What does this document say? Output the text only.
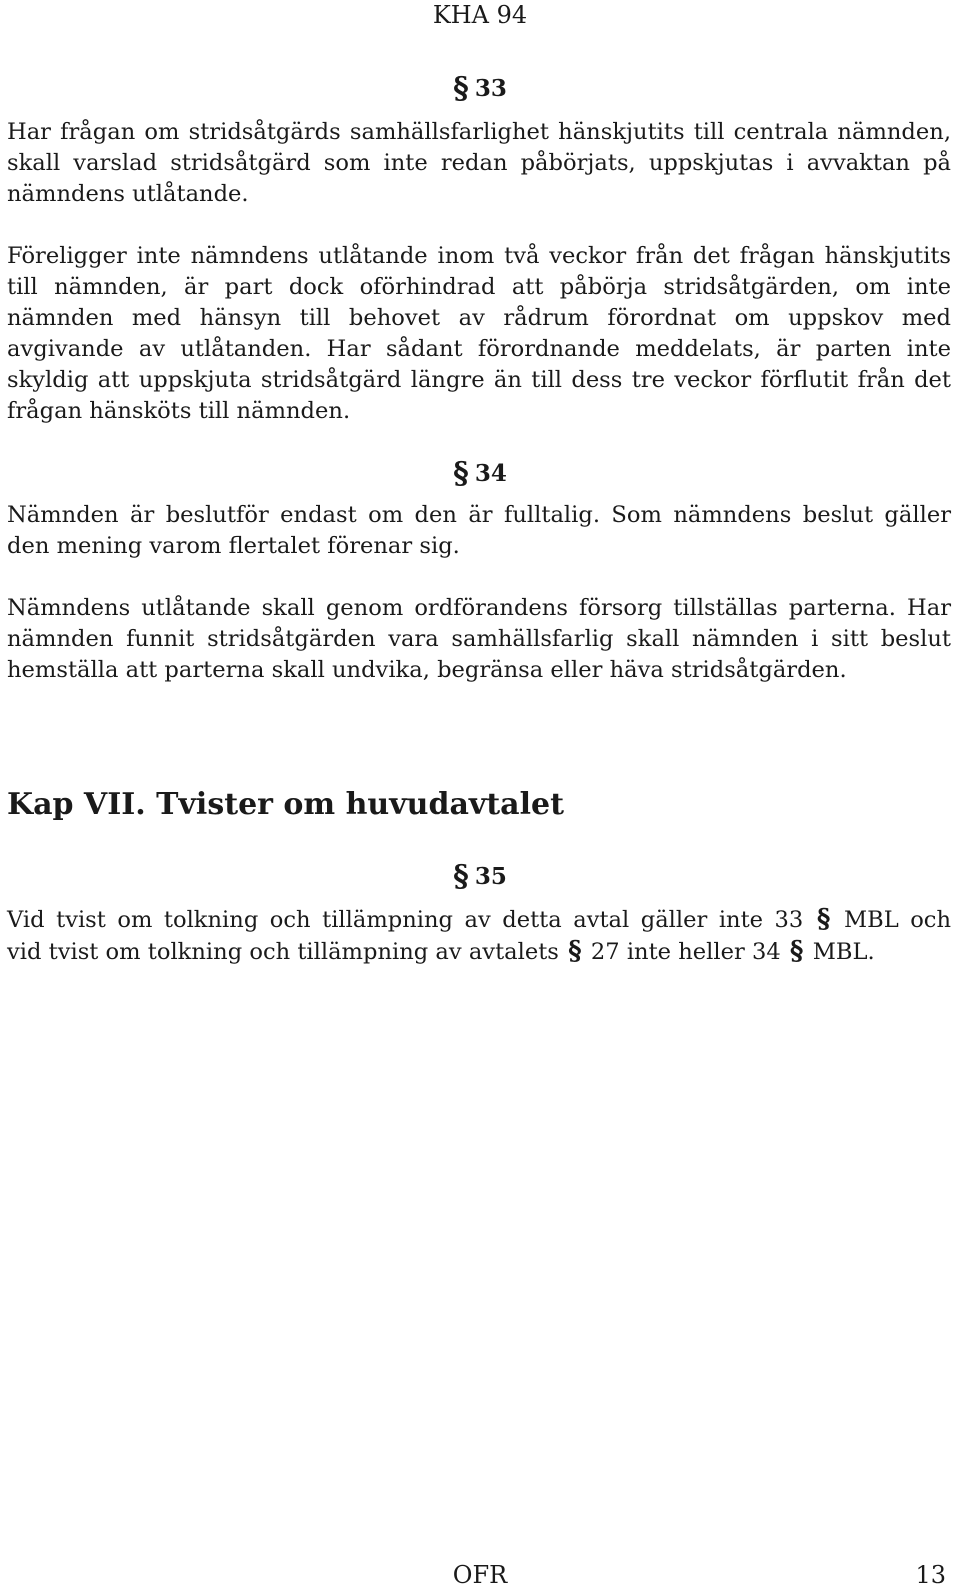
KHA 94
§ 33

Har frågan om stridsåtgärds samhällsfarlighet hänskjutits till centrala nämnden, skall varslad stridsåtgärd som inte redan påbörjats, uppskjutas i avvaktan på nämndens utlåtande.

Föreligger inte nämndens utlåtande inom två veckor från det frågan hänskjutits till nämnden, är part dock oförhindrad att påbörja stridsåtgärden, om inte nämnden med hänsyn till behovet av rådrum förordnat om uppskov med avgivande av utlåtanden. Har sådant förordnande meddelats, är parten inte skyldig att uppskjuta stridsåtgärd längre än till dess tre veckor förflutit från det frågan hänsköts till nämnden.

§ 34

Nämnden är beslutför endast om den är fulltalig. Som nämndens beslut gäller den mening varom flertalet förenar sig.

Nämndens utlåtande skall genom ordförandens försorg tillställas parterna. Har nämnden funnit stridsåtgärden vara samhällsfarlig skall nämnden i sitt beslut hemställa att parterna skall undvika, begränsa eller häva stridsåtgärden.

Kap VII. Tvister om huvudavtalet
§ 35

Vid tvist om tolkning och tillämpning av detta avtal gäller inte 33 § MBL och

vid tvist om tolkning och tillämpning av avtalets § 27 inte heller 34 § MBL.

OFR	13
